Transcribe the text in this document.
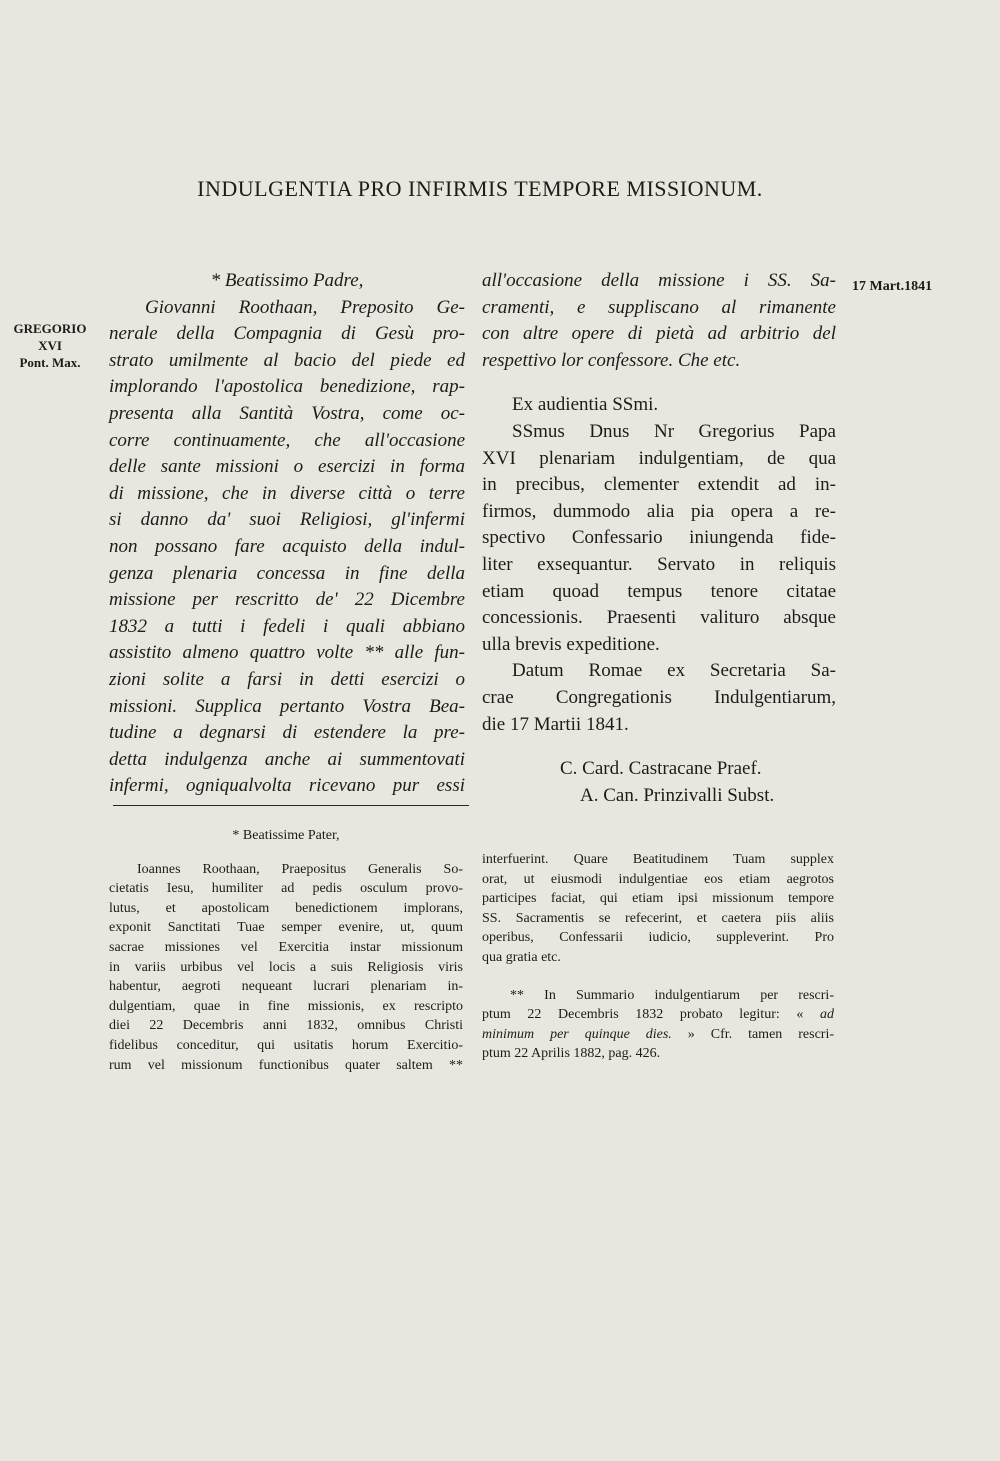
INDULGENTIA PRO INFIRMIS TEMPORE MISSIONUM.
GREGORIO
XVI
Pont. Max.
17 Mart.1841
* Beatissimo Padre,
Giovanni Roothaan, Preposito Ge-
nerale della Compagnia di Gesù pro-
strato umilmente al bacio del piede ed
implorando l'apostolica benedizione, rap-
presenta alla Santità Vostra, come oc-
corre continuamente, che all'occasione
delle sante missioni o esercizi in forma
di missione, che in diverse città o terre
si danno da' suoi Religiosi, gl'infermi
non possano fare acquisto della indul-
genza plenaria concessa in fine della
missione per rescritto de' 22 Dicembre
1832 a tutti i fedeli i quali abbiano
assistito almeno quattro volte ** alle fun-
zioni solite a farsi in detti esercizi o
missioni. Supplica pertanto Vostra Bea-
tudine a degnarsi di estendere la pre-
detta indulgenza anche ai summentovati
infermi, ogniqualvolta ricevano pur essi
all'occasione della missione i SS. Sa-
cramenti, e suppliscano al rimanente
con altre opere di pietà ad arbitrio del
respettivo lor confessore. Che etc.
Ex audientia SSmi.
SSmus Dnus Nr Gregorius Papa
XVI plenariam indulgentiam, de qua
in precibus, clementer extendit ad in-
firmos, dummodo alia pia opera a re-
spectivo Confessario iniungenda fide-
liter exsequantur. Servato in reliquis
etiam quoad tempus tenore citatae
concessionis. Praesenti valituro absque
ulla brevis expeditione.
Datum Romae ex Secretaria Sa-
crae Congregationis Indulgentiarum,
die 17 Martii 1841.
C. Card. Castracane Praef.
A. Can. Prinzivalli Subst.
* Beatissime Pater,
Ioannes Roothaan, Praepositus Generalis So-
cietatis Iesu, humiliter ad pedis osculum provo-
lutus, et apostolicam benedictionem implorans,
exponit Sanctitati Tuae semper evenire, ut, quum
sacrae missiones vel Exercitia instar missionum
in variis urbibus vel locis a suis Religiosis viris
habentur, aegroti nequeant lucrari plenariam in-
dulgentiam, quae in fine missionis, ex rescripto
diei 22 Decembris anni 1832, omnibus Christi
fidelibus conceditur, qui usitatis horum Exercitio-
rum vel missionum functionibus quater saltem **
interfuerint. Quare Beatitudinem Tuam supplex
orat, ut eiusmodi indulgentiae eos etiam aegrotos
participes faciat, qui etiam ipsi missionum tempore
SS. Sacramentis se refecerint, et caetera piis aliis
operibus, Confessarii iudicio, suppleverint. Pro
qua gratia etc.
** In Summario indulgentiarum per rescri-
ptum 22 Decembris 1832 probato legitur: « ad
minimum per quinque dies. » Cfr. tamen rescri-
ptum 22 Aprilis 1882, pag. 426.
